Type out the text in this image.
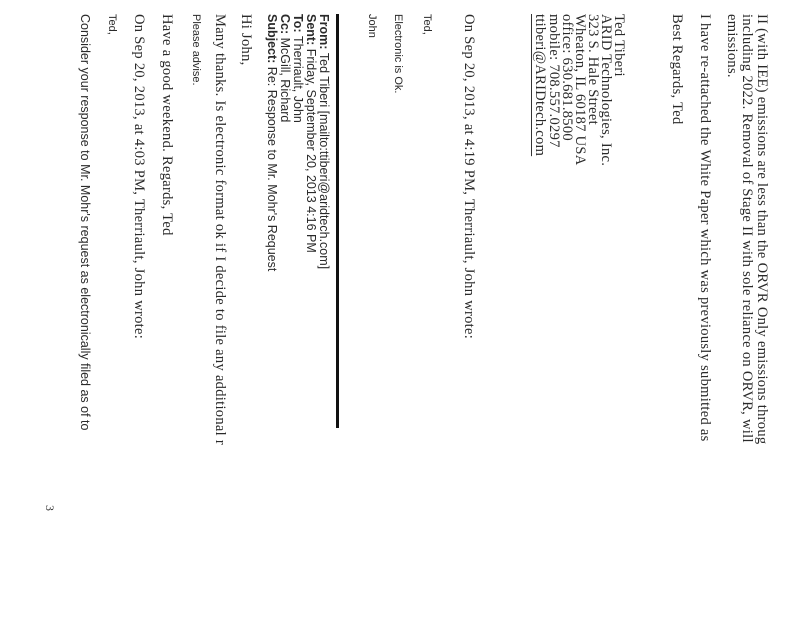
II (with IEE) emissions are less than the ORVR Only emissions throug
including 2022. Removal of Stage II with sole reliance on ORVR, will
emissions.
I have re-attached the White Paper which was previously submitted as
Best Regards, Ted
Ted Tiberi
ARID Technologies, Inc.
323 S. Hale Street
Wheaton, IL 60187 USA
office: 630.681.8500
mobile: 708.557.0297
ttiberi@ARIDtech.com
On Sep 20, 2013, at 4:19 PM, Therriault, John wrote:
Ted,
Electronic is Ok.
John
From: Ted Tiberi [mailto:ttiberi@aridtech.com]
Sent: Friday, September 20, 2013 4:16 PM
To: Therriault, John
Cc: McGill, Richard
Subject: Re: Response to Mr. Mohr's Request
Hi John,
Many thanks. Is electronic format ok if I decide to file any additional r
Please advise.
Have a good weekend. Regards, Ted
On Sep 20, 2013, at 4:03 PM, Therriault, John wrote:
Ted,
Consider your response to Mr. Mohr's request as electronically filed as of to
3
